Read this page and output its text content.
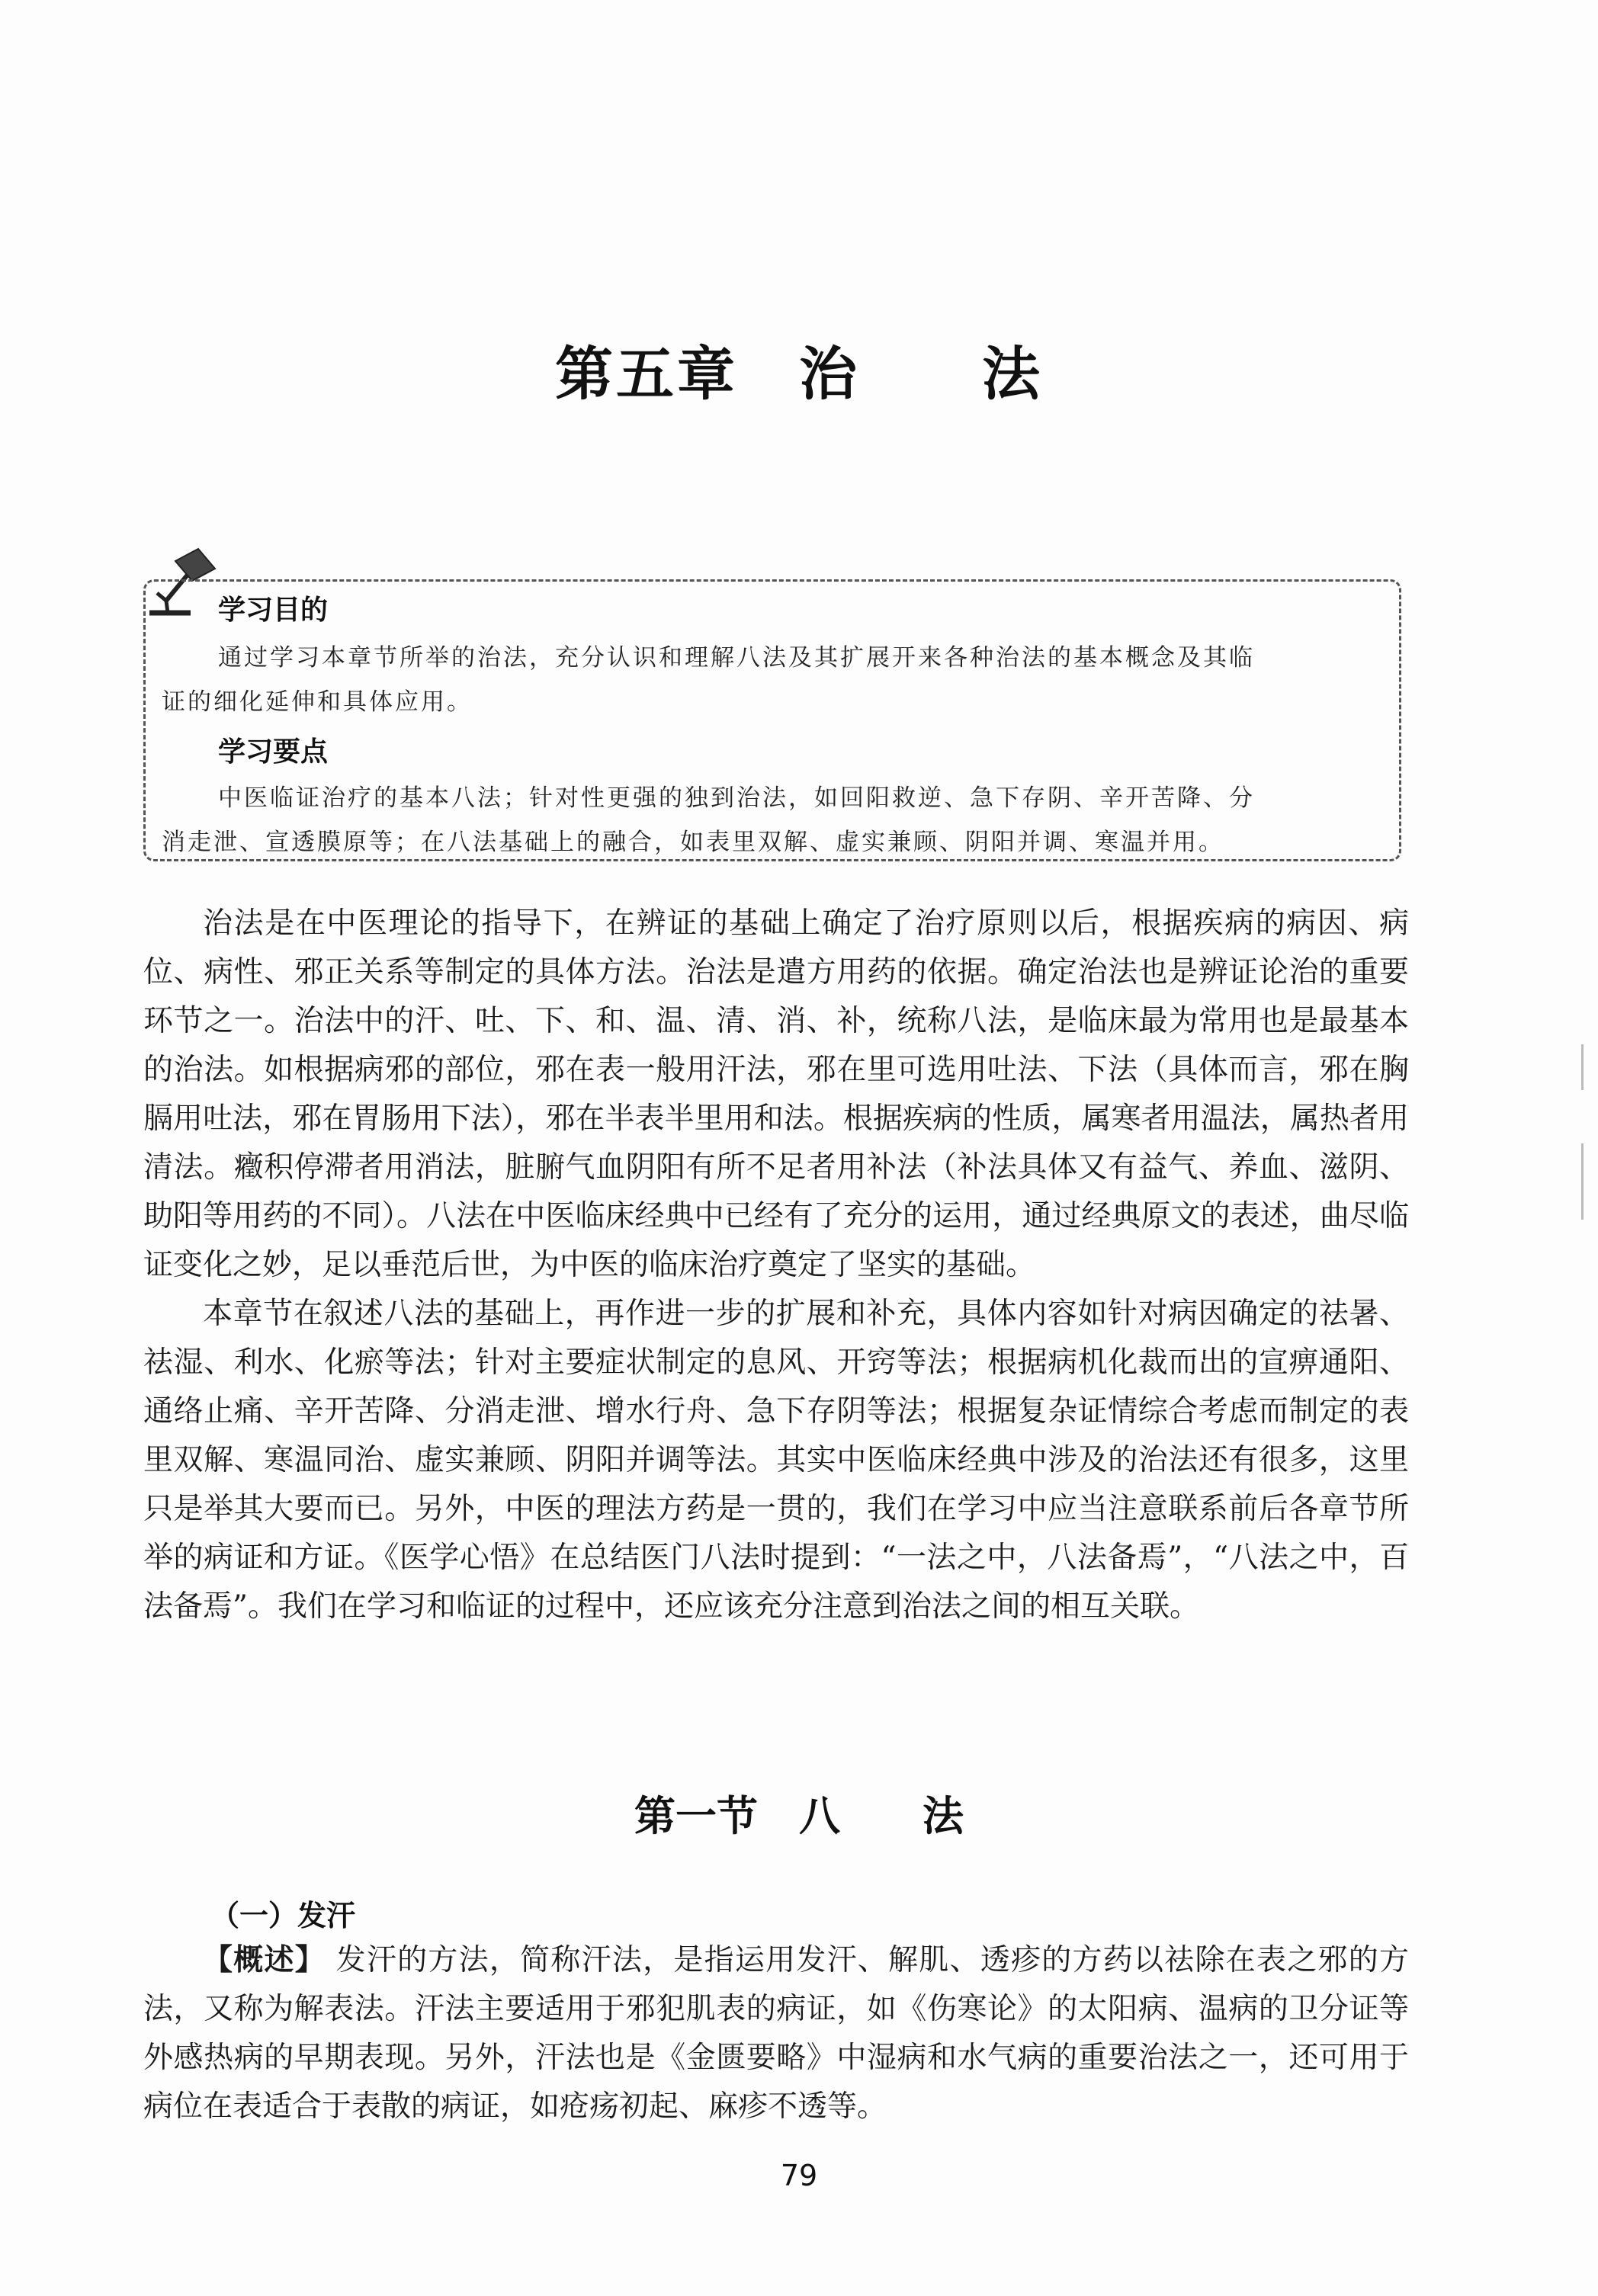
第五章　治　　法
学习目的
通过学习本章节所举的治法，充分认识和理解八法及其扩展开来各种治法的基本概念及其临
证的细化延伸和具体应用。
学习要点
中医临证治疗的基本八法；针对性更强的独到治法，如回阳救逆、急下存阴、辛开苦降、分
消走泄、宣透膜原等；在八法基础上的融合，如表里双解、虚实兼顾、阴阳并调、寒温并用。

治法是在中医理论的指导下，在辨证的基础上确定了治疗原则以后，根据疾病的病因、病位、病性、邪正关系等制定的具体方法。治法是遣方用药的依据。确定治法也是辨证论治的重要环节之一。治法中的汗、吐、下、和、温、清、消、补，统称八法，是临床最为常用也是最基本的治法。如根据病邪的部位，邪在表一般用汗法，邪在里可选用吐法、下法（具体而言，邪在胸膈用吐法，邪在胃肠用下法），邪在半表半里用和法。根据疾病的性质，属寒者用温法，属热者用清法。癥积停滞者用消法，脏腑气血阴阳有所不足者用补法（补法具体又有益气、养血、滋阴、助阳等用药的不同）。八法在中医临床经典中已经有了充分的运用，通过经典原文的表述，曲尽临证变化之妙，足以垂范后世，为中医的临床治疗奠定了坚实的基础。

本章节在叙述八法的基础上，再作进一步的扩展和补充，具体内容如针对病因确定的祛暑、祛湿、利水、化瘀等法；针对主要症状制定的息风、开窍等法；根据病机化裁而出的宣痹通阳、通络止痛、辛开苦降、分消走泄、增水行舟、急下存阴等法；根据复杂证情综合考虑而制定的表里双解、寒温同治、虚实兼顾、阴阳并调等法。其实中医临床经典中涉及的治法还有很多，这里只是举其大要而已。另外，中医的理法方药是一贯的，我们在学习中应当注意联系前后各章节所举的病证和方证。《医学心悟》在总结医门八法时提到：“一法之中，八法备焉”，“八法之中，百法备焉”。我们在学习和临证的过程中，还应该充分注意到治法之间的相互关联。

第一节　八　　法
（一）发汗

【概述】 发汗的方法，简称汗法，是指运用发汗、解肌、透疹的方药以祛除在表之邪的方法，又称为解表法。汗法主要适用于邪犯肌表的病证，如《伤寒论》的太阳病、温病的卫分证等外感热病的早期表现。另外，汗法也是《金匮要略》中湿病和水气病的重要治法之一，还可用于病位在表适合于表散的病证，如疮疡初起、麻疹不透等。

79
